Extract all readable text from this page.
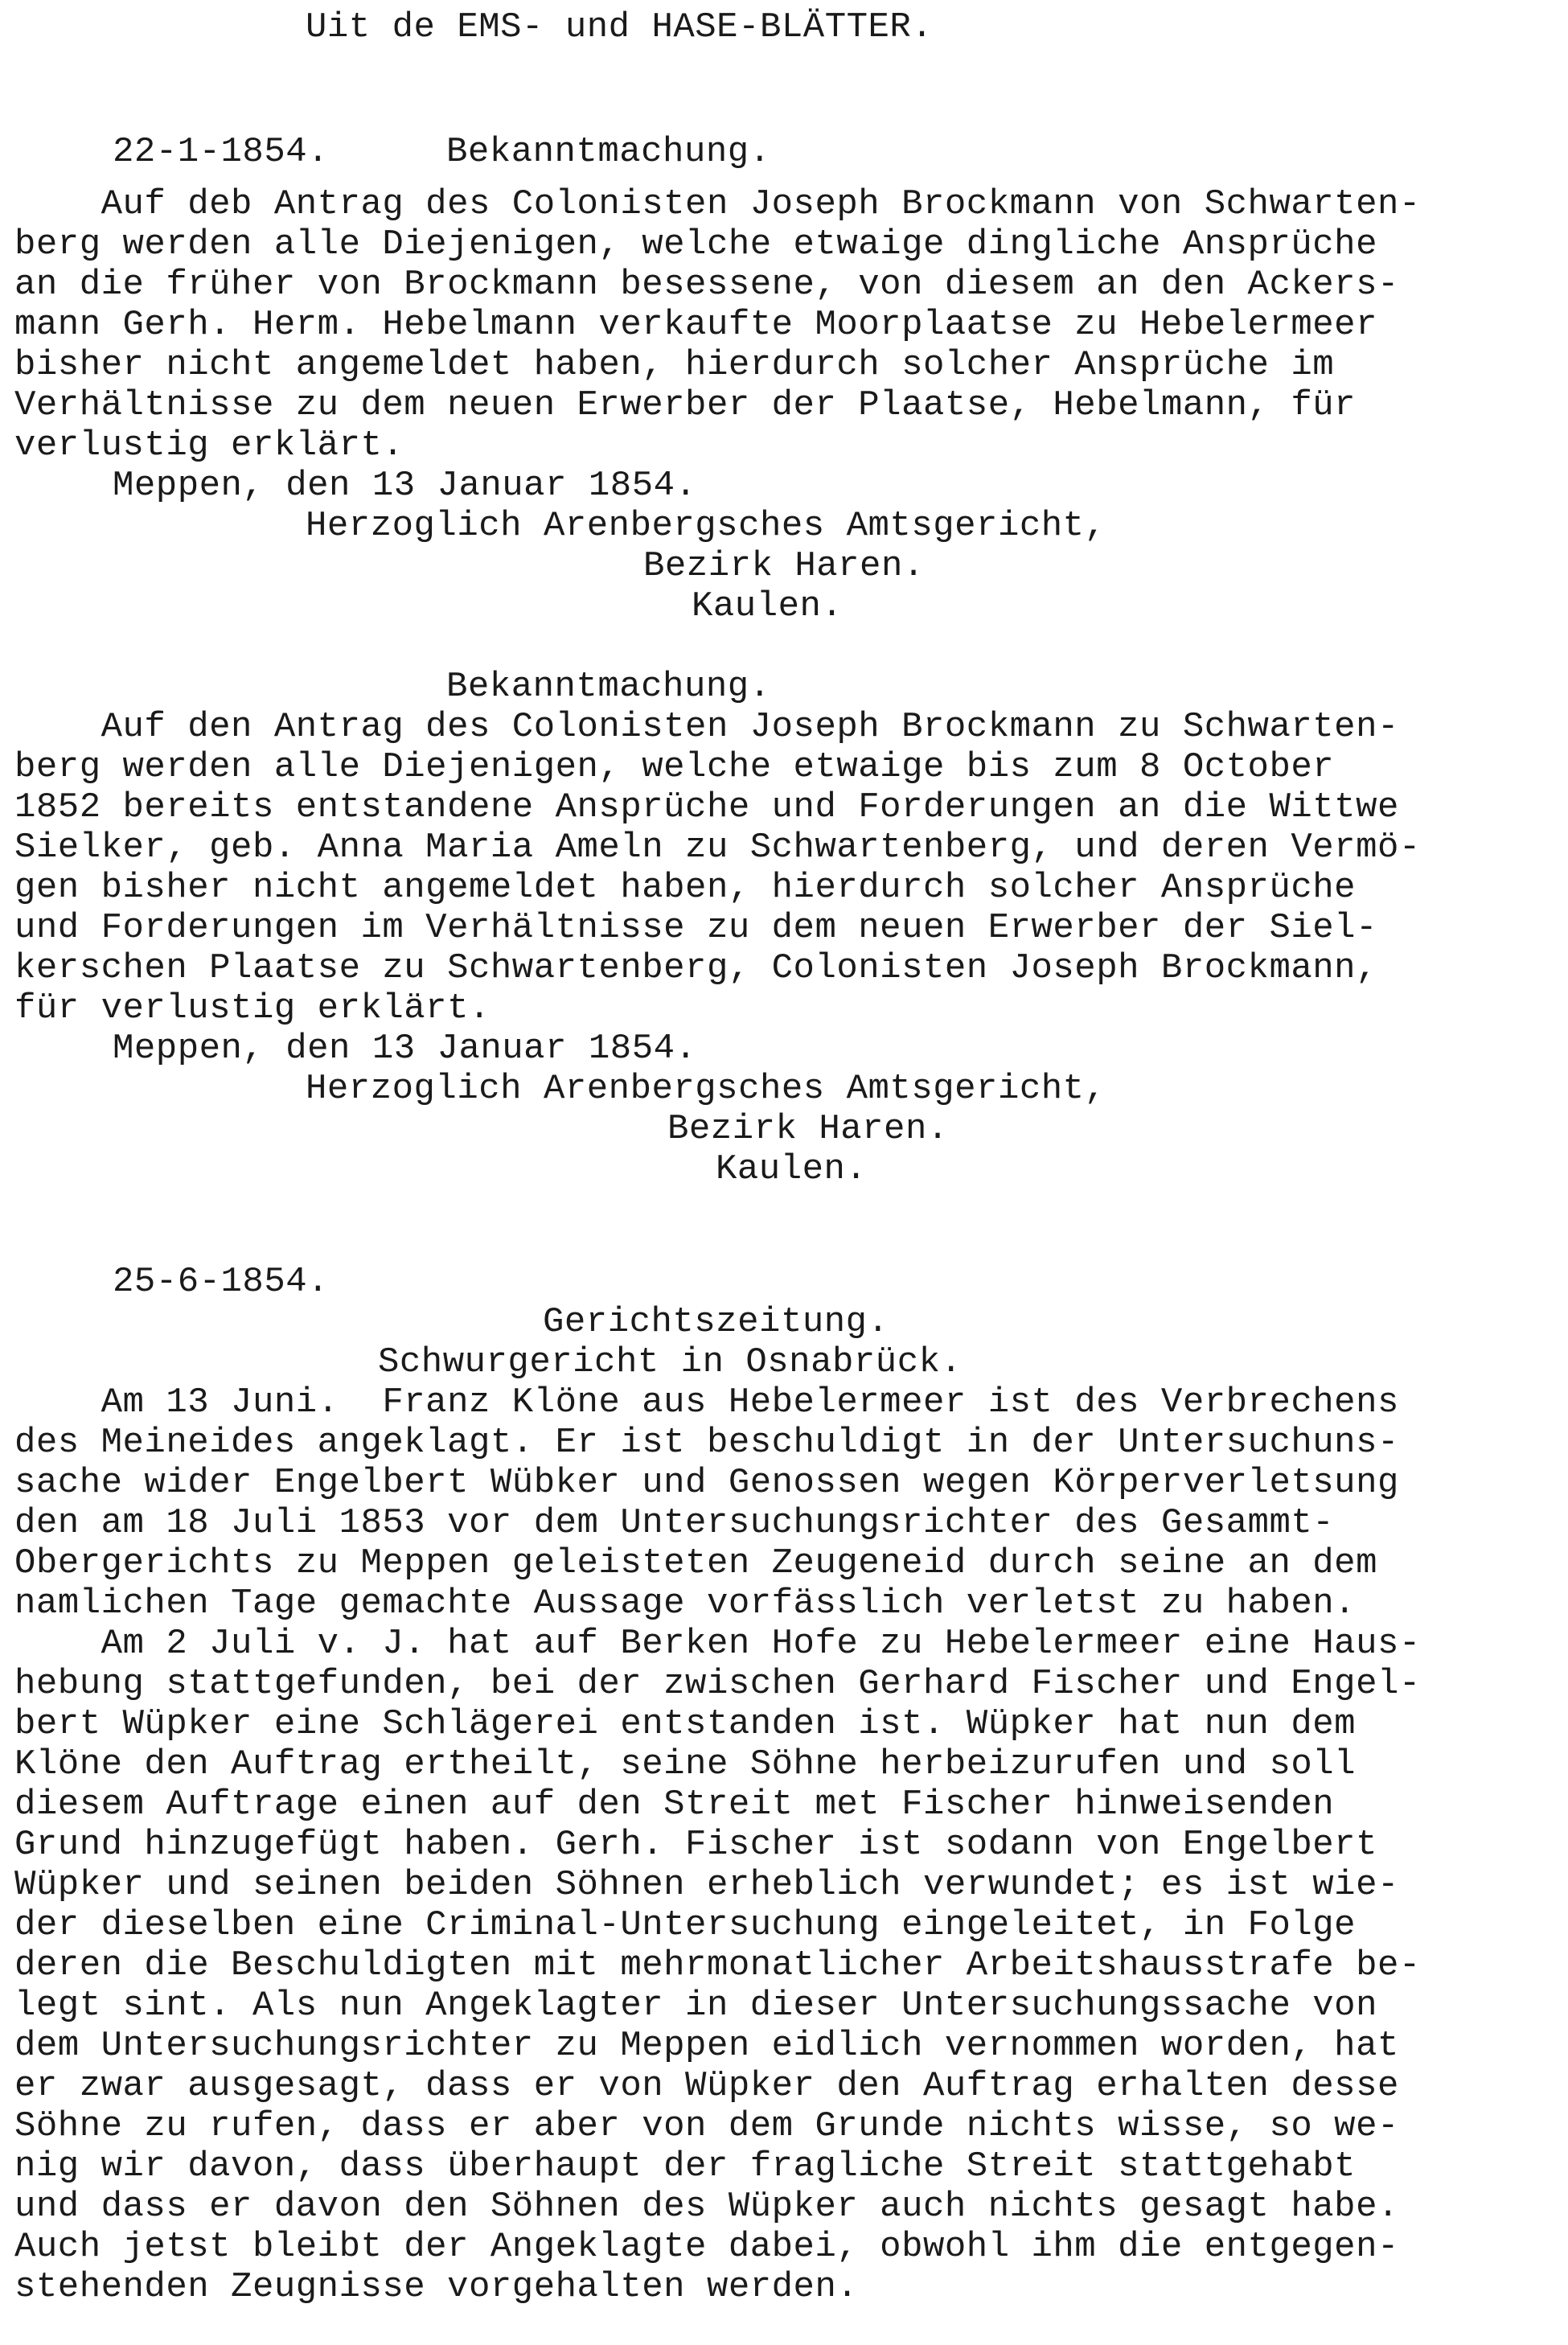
Uit de EMS- und HASE-BLÄTTER.
22-1-1854.	Bekanntmachung.
Auf deb Antrag des Colonisten Joseph Brockmann von Schwarten-
berg werden alle Diejenigen, welche etwaige dingliche Ansprüche
an die früher von Brockmann besessene, von diesem an den Ackers-
mann Gerh. Herm. Hebelmann verkaufte Moorplaatse zu Hebelermeer
bisher nicht angemeldet haben, hierdurch solcher Ansprüche im
Verhältnisse zu dem neuen Erwerber der Plaatse, Hebelmann, für
verlustig erklärt.
Meppen, den 13 Januar 1854.
Herzoglich Arenbergsches Amtsgericht,
Bezirk Haren.
Kaulen.
Bekanntmachung.
Auf den Antrag des Colonisten Joseph Brockmann zu Schwarten-
berg werden alle Diejenigen, welche etwaige bis zum 8 October
1852 bereits entstandene Ansprüche und Forderungen an die Wittwe
Sielker, geb. Anna Maria Ameln zu Schwartenberg, und deren Vermö-
gen bisher nicht angemeldet haben, hierdurch solcher Ansprüche
und Forderungen im Verhältnisse zu dem neuen Erwerber der Siel-
kerschen Plaatse zu Schwartenberg, Colonisten Joseph Brockmann,
für verlustig erklärt.
Meppen, den 13 Januar 1854.
Herzoglich Arenbergsches Amtsgericht,
Bezirk Haren.
Kaulen.
25-6-1854.
Gerichtszeitung.
Schwurgericht in Osnabrück.
Am 13 Juni.  Franz Klöne aus Hebelermeer ist des Verbrechens
des Meineides angeklagt. Er ist beschuldigt in der Untersuchuns-
sache wider Engelbert Wübker und Genossen wegen Körperverletsung
den am 18 Juli 1853 vor dem Untersuchungsrichter des Gesammt-
Obergerichts zu Meppen geleisteten Zeugeneid durch seine an dem
namlichen Tage gemachte Aussage vorfässlich verletst zu haben.
Am 2 Juli v. J. hat auf Berken Hofe zu Hebelermeer eine Haus-
hebung stattgefunden, bei der zwischen Gerhard Fischer und Engel-
bert Wüpker eine Schlägerei entstanden ist. Wüpker hat nun dem
Klöne den Auftrag ertheilt, seine Söhne herbeizurufen und soll
diesem Auftrage einen auf den Streit met Fischer hinweisenden
Grund hinzugefügt haben. Gerh. Fischer ist sodann von Engelbert
Wüpker und seinen beiden Söhnen erheblich verwundet; es ist wie-
der dieselben eine Criminal-Untersuchung eingeleitet, in Folge
deren die Beschuldigten mit mehrmonatlicher Arbeitshausstrafe be-
legt sint. Als nun Angeklagter in dieser Untersuchungssache von
dem Untersuchungsrichter zu Meppen eidlich vernommen worden, hat
er zwar ausgesagt, dass er von Wüpker den Auftrag erhalten desse
Söhne zu rufen, dass er aber von dem Grunde nichts wisse, so we-
nig wir davon, dass überhaupt der fragliche Streit stattgehabt
und dass er davon den Söhnen des Wüpker auch nichts gesagt habe.
Auch jetst bleibt der Angeklagte dabei, obwohl ihm die entgegen-
stehenden Zeugnisse vorgehalten werden.
